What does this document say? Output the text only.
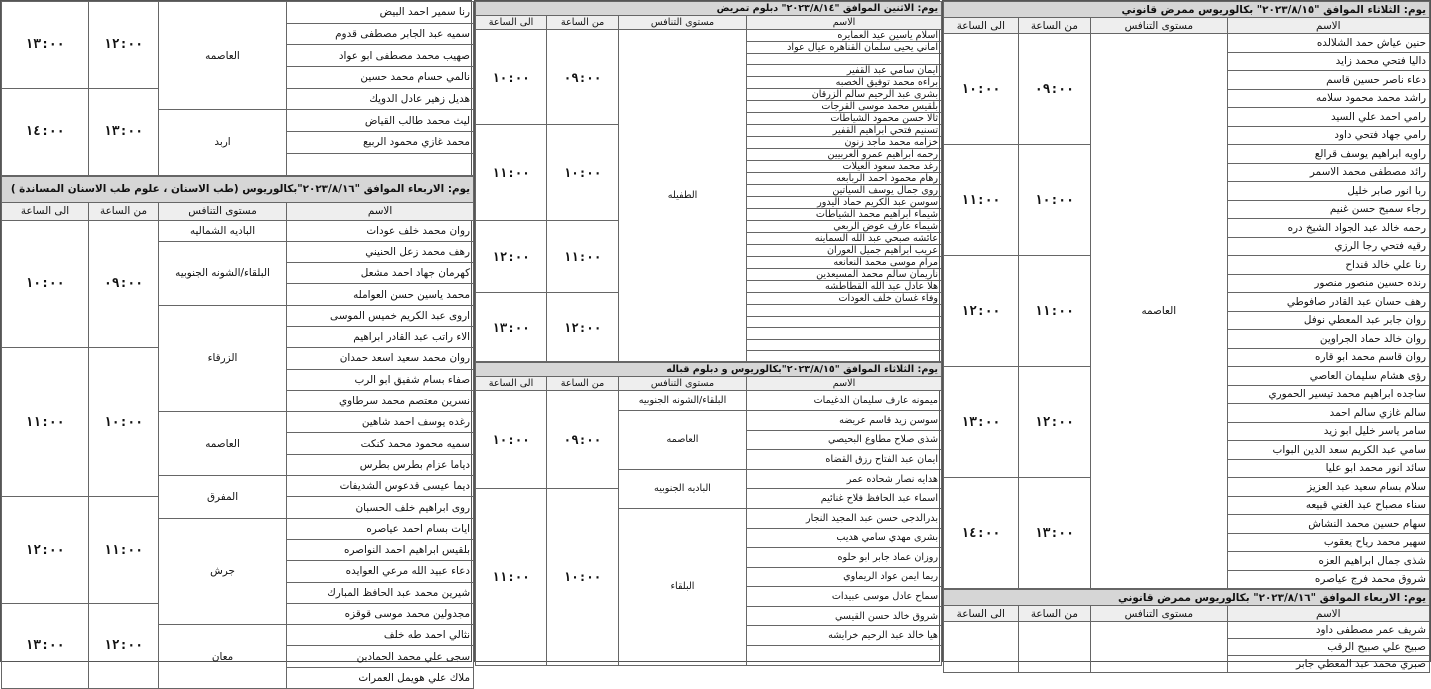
يوم: الثلاثاء الموافق "٢٠٢٣/٨/١٥" بكالوريوس ممرض قانوني			
الاسم	مستوى التنافس	من الساعة	الى الساعة
حنين عياش حمد الشلالده	العاصمه	٠٩:٠٠	١٠:٠٠
داليا فتحي محمد زايد			
دعاء ناصر حسين قاسم			
راشد محمد محمود سلامه			
رامي احمد علي السيد			
رامي جهاد فتحي داود			
راويه ابراهيم يوسف قرالع		١٠:٠٠	١١:٠٠
رائد مصطفى محمد الاسمر			
ربا انور صابر خليل			
رجاء سميح حسن غنيم			
رحمه خالد عبد الجواد الشيخ دره			
رقيه فتحي رجا الرزي			
رنا علي خالد قنداح		١١:٠٠	١٢:٠٠
رنده حسين منصور منصور			
رهف حسان عبد القادر صافوطي			
روان جابر عبد المعطي نوفل			
روان خالد حماد الجراوين			
روان قاسم محمد ابو قاره			
رؤى هشام سليمان العاصي		١٢:٠٠	١٣:٠٠
ساجده ابراهيم محمد تيسير الحموري			
سالم غازي سالم احمد			
سامر ياسر خليل ابو زيد			
سامي عبد الكريم سعد الدين البواب			
سائد انور محمد ابو عليا			
سلام بسام سعيد عبد العزيز		١٣:٠٠	١٤:٠٠
سناء مصباح عبد الغني قبيعه			
سهام حسين محمد النشاش			
سهير محمد رياح يعقوب			
شذى جمال ابراهيم العزه			
شروق محمد فرج عياصره			
يوم: الاربعاء الموافق "٢٠٢٣/٨/١٦" بكالوريوس ممرض قانوني			
الاسم	مستوى التنافس	من الساعة	الى الساعة
شريف عمر مصطفى داود			
صبيح علي صبيح الرقب			
صبري محمد عبد المعطي جابر			
يوم: الاثنين الموافق "٢٠٢٣/٨/١٤" دبلوم تمريض			
الاسم	مستوى التنافس	من الساعة	الى الساعة
اسلام ياسين عيد العمايره	الطفيله	٠٩:٠٠	١٠:٠٠
اماني يحيى سلمان القناهره عيال عواد			

ايمان سامي عبد القفير			
براءه محمد توفيق الخصبه			
بشرى عبد الرحيم سالم الزرقان			
بلقيس محمد موسى القرجات			
ثالا حسن محمود الشياطات			
تسنيم فتحي ابراهيم القفير		١٠:٠٠	١١:٠٠
خزامه محمد ماجد زنون			
رحمه ابراهيم عمرو العربيين			
رغد محمد سعود العيلات			
رهام محمود احمد الربابعه			
روى جمال يوسف السياتين			
سوسن عبد الكريم حماد اليدور			
شيماء ابراهيم محمد الشياطات			
شيماء عارف عوض الربعي		١١:٠٠	١٢:٠٠
عائشه صبحي عبد الله السماينه			
عريب ابراهيم جميل العوران			
مرام موسى محمد النعانعه			
ناريمان سالم محمد المسيعدين			
هلا عادل عبد الله القطاطشه			
وفاء غسان خلف العودات		١٢:٠٠	١٣:٠٠

يوم: الثلاثاء الموافق "٢٠٢٣/٨/١٥"بكالوريوس و دبلوم قباله			
الاسم	مستوى التنافس	من الساعة	الى الساعة
ميمونه عارف سليمان الدغيمات	البلقاء/الشونه الجنوبيه	٠٩:٠٠	١٠:٠٠
سوسن زيد قاسم عريضه	العاصمه		
شذى صلاح مطاوع البحيصي			
ايمان عبد الفتاح رزق القضاه			
هدايه نصار شحاده عمر	الباديه الجنوبيه		
اسماء عبد الحافظ فلاح غنائيم		١٠:٠٠	١١:٠٠
بدرالدجى حسن عبد المجيد النجار	البلقاء		
بشرى مهدي سامي هديب			
روزان عماد جابر ابو حلوه			
ريما ايمن عواد الريماوي			
سماح عادل موسى عبيدات			
شروق خالد حسن القيسي			
هيا خالد عبد الرحيم خرايشه			

رنا سمير احمد البيض	العاصمه	١٢:٠٠	١٣:٠٠
سميه عبد الجابر مصطفى قدوم			
صهيب محمد مصطفى ابو عواد			
نالمي حسام محمد حسين			
هديل زهير عادل الدويك		١٣:٠٠	١٤:٠٠
ليث محمد طالب القياض	اربد		
محمد غازي محمود الربيع			

يوم: الاربعاء الموافق "٢٠٢٣/٨/١٦"بكالوريوس (طب الاسنان ، علوم طب الاسنان المساندة )			
الاسم	مستوى التنافس	من الساعة	الى الساعة
روان محمد خلف عودات	الباديه الشماليه	٠٩:٠٠	١٠:٠٠
رهف محمد زعل الحنيني	البلقاء/الشونه الجنوبيه		
كهرمان جهاد احمد مشعل			
محمد ياسين حسن العوامله			
اروى عبد الكريم خميس الموسى	الزرقاء		
الاء راتب عبد القادر ابراهيم			
روان محمد سعيد اسعد حمدان		١٠:٠٠	١١:٠٠
صفاء بسام شفيق ابو الرب			
نسرين معتصم محمد سرطاوي			
رغده يوسف احمد شاهين	العاصمه		
سميه محمود محمد كنكت			
دياما عزام بطرس بطرس			
ديما عيسى قدعوس الشديفات	المفرق		
روى ابراهيم خلف الحسبان		١١:٠٠	١٢:٠٠
ايات بسام احمد عياصره	جرش		
بلقيس ابراهيم احمد النواصره			
دعاء عبيد الله مرعي العوايده			
شيرين محمد عبد الحافظ المبارك			
مجدولين محمد موسى قوقزه		١٢:٠٠	١٣:٠٠
نثالي احمد طه خلف	معان		
سجى علي محمد الحمادين			
ملاك علي هويمل العمرات			
